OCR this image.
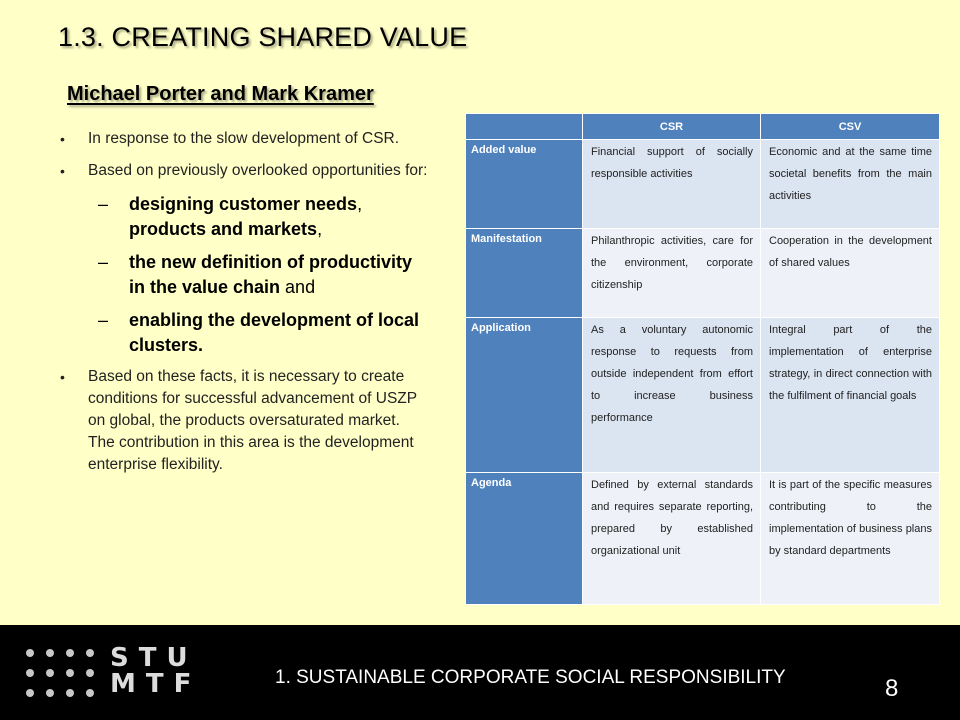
1.3. CREATING SHARED VALUE
Michael Porter and Mark Kramer
• In response to the slow development of CSR.

• Based on previously overlooked opportunities for:

– designing customer needs, products and markets,
– the new definition of productivity in the value chain and
– enabling the development of local clusters.
• Based on these facts, it is necessary to create conditions for successful advancement of USZP on global, the products oversaturated market. The contribution in this area is the development enterprise flexibility.

	CSR	CSV
Added value	Financial support of socially responsible activities	Economic and at the same time societal benefits from the main activities
Manifestation	Philanthropic activities, care for the environment, corporate citizenship	Cooperation in the development of shared values
Application	As a voluntary autonomic response to requests from outside independent from effort to increase business performance	Integral part of the implementation of enterprise strategy, in direct connection with the fulfilment of financial goals
Agenda	Defined by external standards and requires separate reporting, prepared by established organizational unit	It is part of the specific measures contributing to the implementation of business plans by standard departments
STU
MTF	1. SUSTAINABLE CORPORATE SOCIAL RESPONSIBILITY	8
